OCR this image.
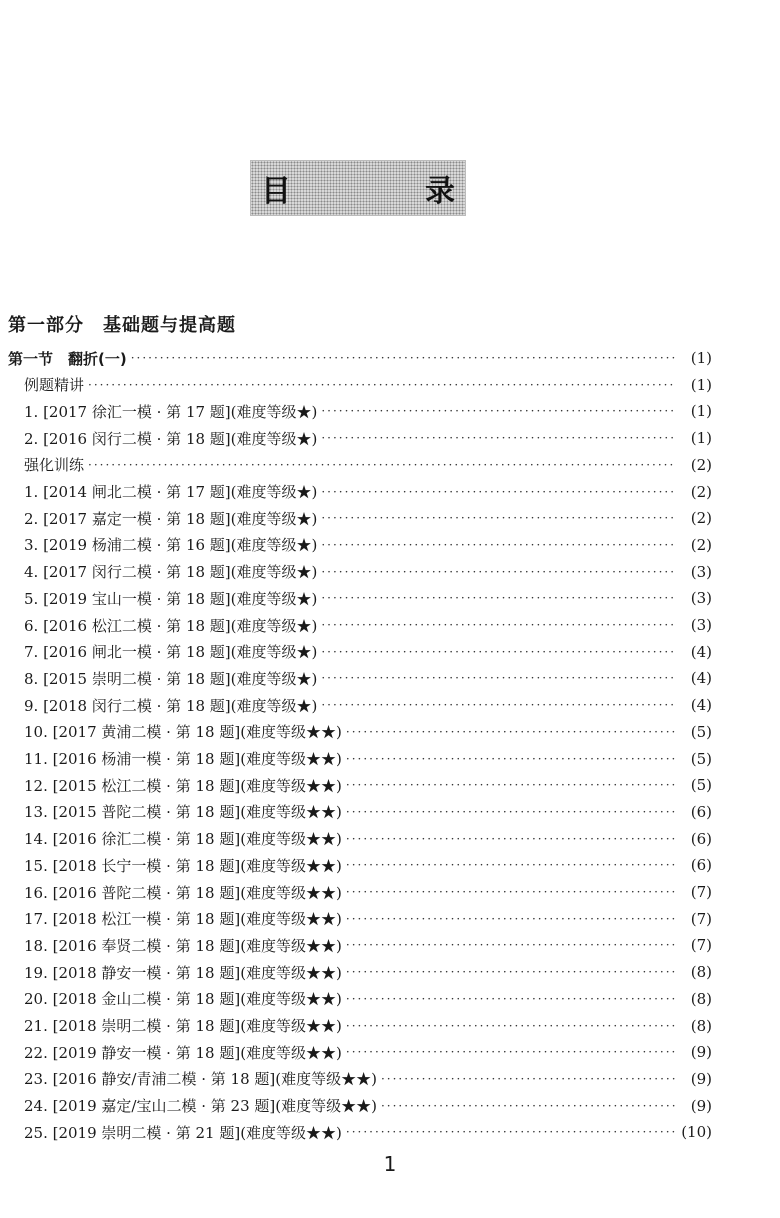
目　录
第一部分　基础题与提高题
第一节　翻折(一) ·····	(1)
例题精讲 ·····	(1)
1. [2017 徐汇一模 · 第 17 题](难度等级★) ·····	(1)
2. [2016 闵行二模 · 第 18 题](难度等级★) ·····	(1)
强化训练 ·····	(2)
1. [2014 闸北二模 · 第 17 题](难度等级★) ·····	(2)
2. [2017 嘉定一模 · 第 18 题](难度等级★) ·····	(2)
3. [2019 杨浦二模 · 第 16 题](难度等级★) ·····	(2)
4. [2017 闵行二模 · 第 18 题](难度等级★) ·····	(3)
5. [2019 宝山一模 · 第 18 题](难度等级★) ·····	(3)
6. [2016 松江二模 · 第 18 题](难度等级★) ·····	(3)
7. [2016 闸北一模 · 第 18 题](难度等级★) ·····	(4)
8. [2015 崇明二模 · 第 18 题](难度等级★) ·····	(4)
9. [2018 闵行二模 · 第 18 题](难度等级★) ·····	(4)
10. [2017 黄浦二模 · 第 18 题](难度等级★★) ·····	(5)
11. [2016 杨浦一模 · 第 18 题](难度等级★★) ·····	(5)
12. [2015 松江二模 · 第 18 题](难度等级★★) ·····	(5)
13. [2015 普陀二模 · 第 18 题](难度等级★★) ·····	(6)
14. [2016 徐汇二模 · 第 18 题](难度等级★★) ·····	(6)
15. [2018 长宁一模 · 第 18 题](难度等级★★) ·····	(6)
16. [2016 普陀二模 · 第 18 题](难度等级★★) ·····	(7)
17. [2018 松江一模 · 第 18 题](难度等级★★) ·····	(7)
18. [2016 奉贤二模 · 第 18 题](难度等级★★) ·····	(7)
19. [2018 静安一模 · 第 18 题](难度等级★★) ·····	(8)
20. [2018 金山二模 · 第 18 题](难度等级★★) ·····	(8)
21. [2018 崇明二模 · 第 18 题](难度等级★★) ·····	(8)
22. [2019 静安一模 · 第 18 题](难度等级★★) ·····	(9)
23. [2016 静安/青浦二模 · 第 18 题](难度等级★★) ·····	(9)
24. [2019 嘉定/宝山二模 · 第 23 题](难度等级★★) ·····	(9)
25. [2019 崇明二模 · 第 21 题](难度等级★★) ·····	(10)
1
